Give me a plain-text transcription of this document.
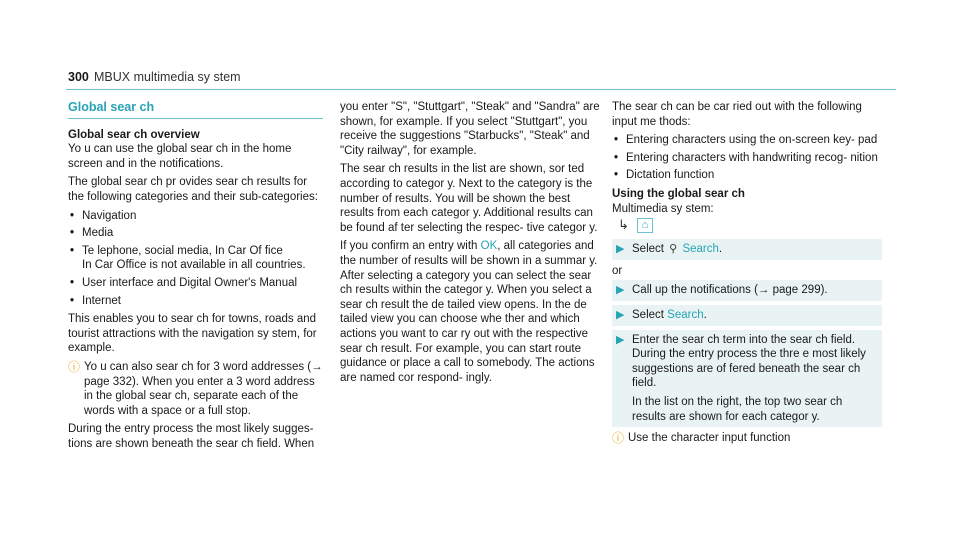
300 MBUX multimedia sy stem
Global sear ch
Global sear ch overview

Yo u can use the global sear ch in the home screen and in the notifications.

The global sear ch pr ovides sear ch results for the following categories and their sub-categories:

• Navigation
• Media
• Te lephone, social media, In Car Of fice
In Car Office is not available in all countries.
• User interface and Digital Owner's Manual
• Internet

This enables you to sear ch for towns, roads and tourist attractions with the navigation sy stem, for example.

ⓘ Yo u can also sear ch for 3 word addresses (→ page 332). When you enter a 3 word address in the global sear ch, separate each of the words with a space or a full stop.

During the entry process the most likely sugges- tions are shown beneath the sear ch field. When

you enter "S", "Stuttgart", "Steak" and "Sandra" are shown, for example. If you select "Stuttgart", you receive the suggestions "Starbucks", "Steak" and "City railway", for example.

The sear ch results in the list are shown, sor ted according to categor y. Next to the category is the number of results. You will be shown the best results from each categor y. Additional results can be found af ter selecting the respec- tive categor y.

If you confirm an entry with OK, all categories and the number of results will be shown in a summar y. After selecting a category you can select the sear ch results within the categor y. When you select a sear ch result the de tailed view opens. In the de tailed view you can choose whe ther and which actions you want to car ry out with the respective sear ch result. For example, you can start route guidance or place a call to somebody. The actions are named cor respond- ingly.

The sear ch can be car ried out with the following input me thods:

• Entering characters using the on-screen key- pad
• Entering characters with handwriting recog- nition
• Dictation function
Using the global sear ch
Multimedia sy stem:
↳	⌂
▶ Select ⚲ Search.
or
▶ Call up the notifications (→ page 299).
▶ Select Search.
▶ Enter the sear ch term into the sear ch field. During the entry process the thre e most likely suggestions are of fered beneath the sear ch field.
In the list on the right, the top two sear ch results are shown for each categor y.
ⓘ Use the character input function
